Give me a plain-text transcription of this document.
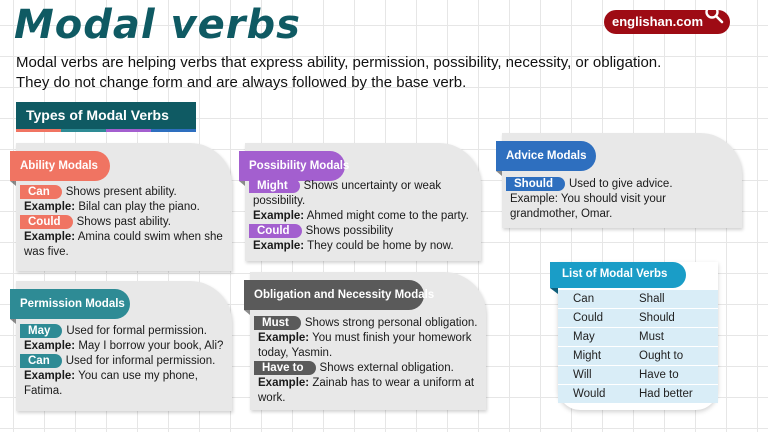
Modal verbs	englishan.com
Modal verbs are helping verbs that express ability, permission, possibility, necessity, or obligation.
They do not change form and are always followed by the base verb.
Types of Modal Verbs
Ability Modals
Can Shows present ability.
Example: Bilal can play the piano.
Could Shows past ability.
Example: Amina could swim when she was five.
Possibility Modals
Might Shows uncertainty or weak possibility.
Example: Ahmed might come to the party.
Could Shows possibility
Example: They could be home by now.
Advice Modals
Should Used to give advice.
Example: You should visit your grandmother, Omar.
Permission Modals
May Used for formal permission.
Example: May I borrow your book, Ali?
Can Used for informal permission.
Example: You can use my phone, Fatima.
Obligation and Necessity Modals
Must Shows strong personal obligation.
Example: You must finish your homework today, Yasmin.
Have to Shows external obligation.
Example: Zainab has to wear a uniform at work.
List of Modal Verbs
Can	Shall
Could	Should
May	Must
Might	Ought to
Will	Have to
Would	Had better
